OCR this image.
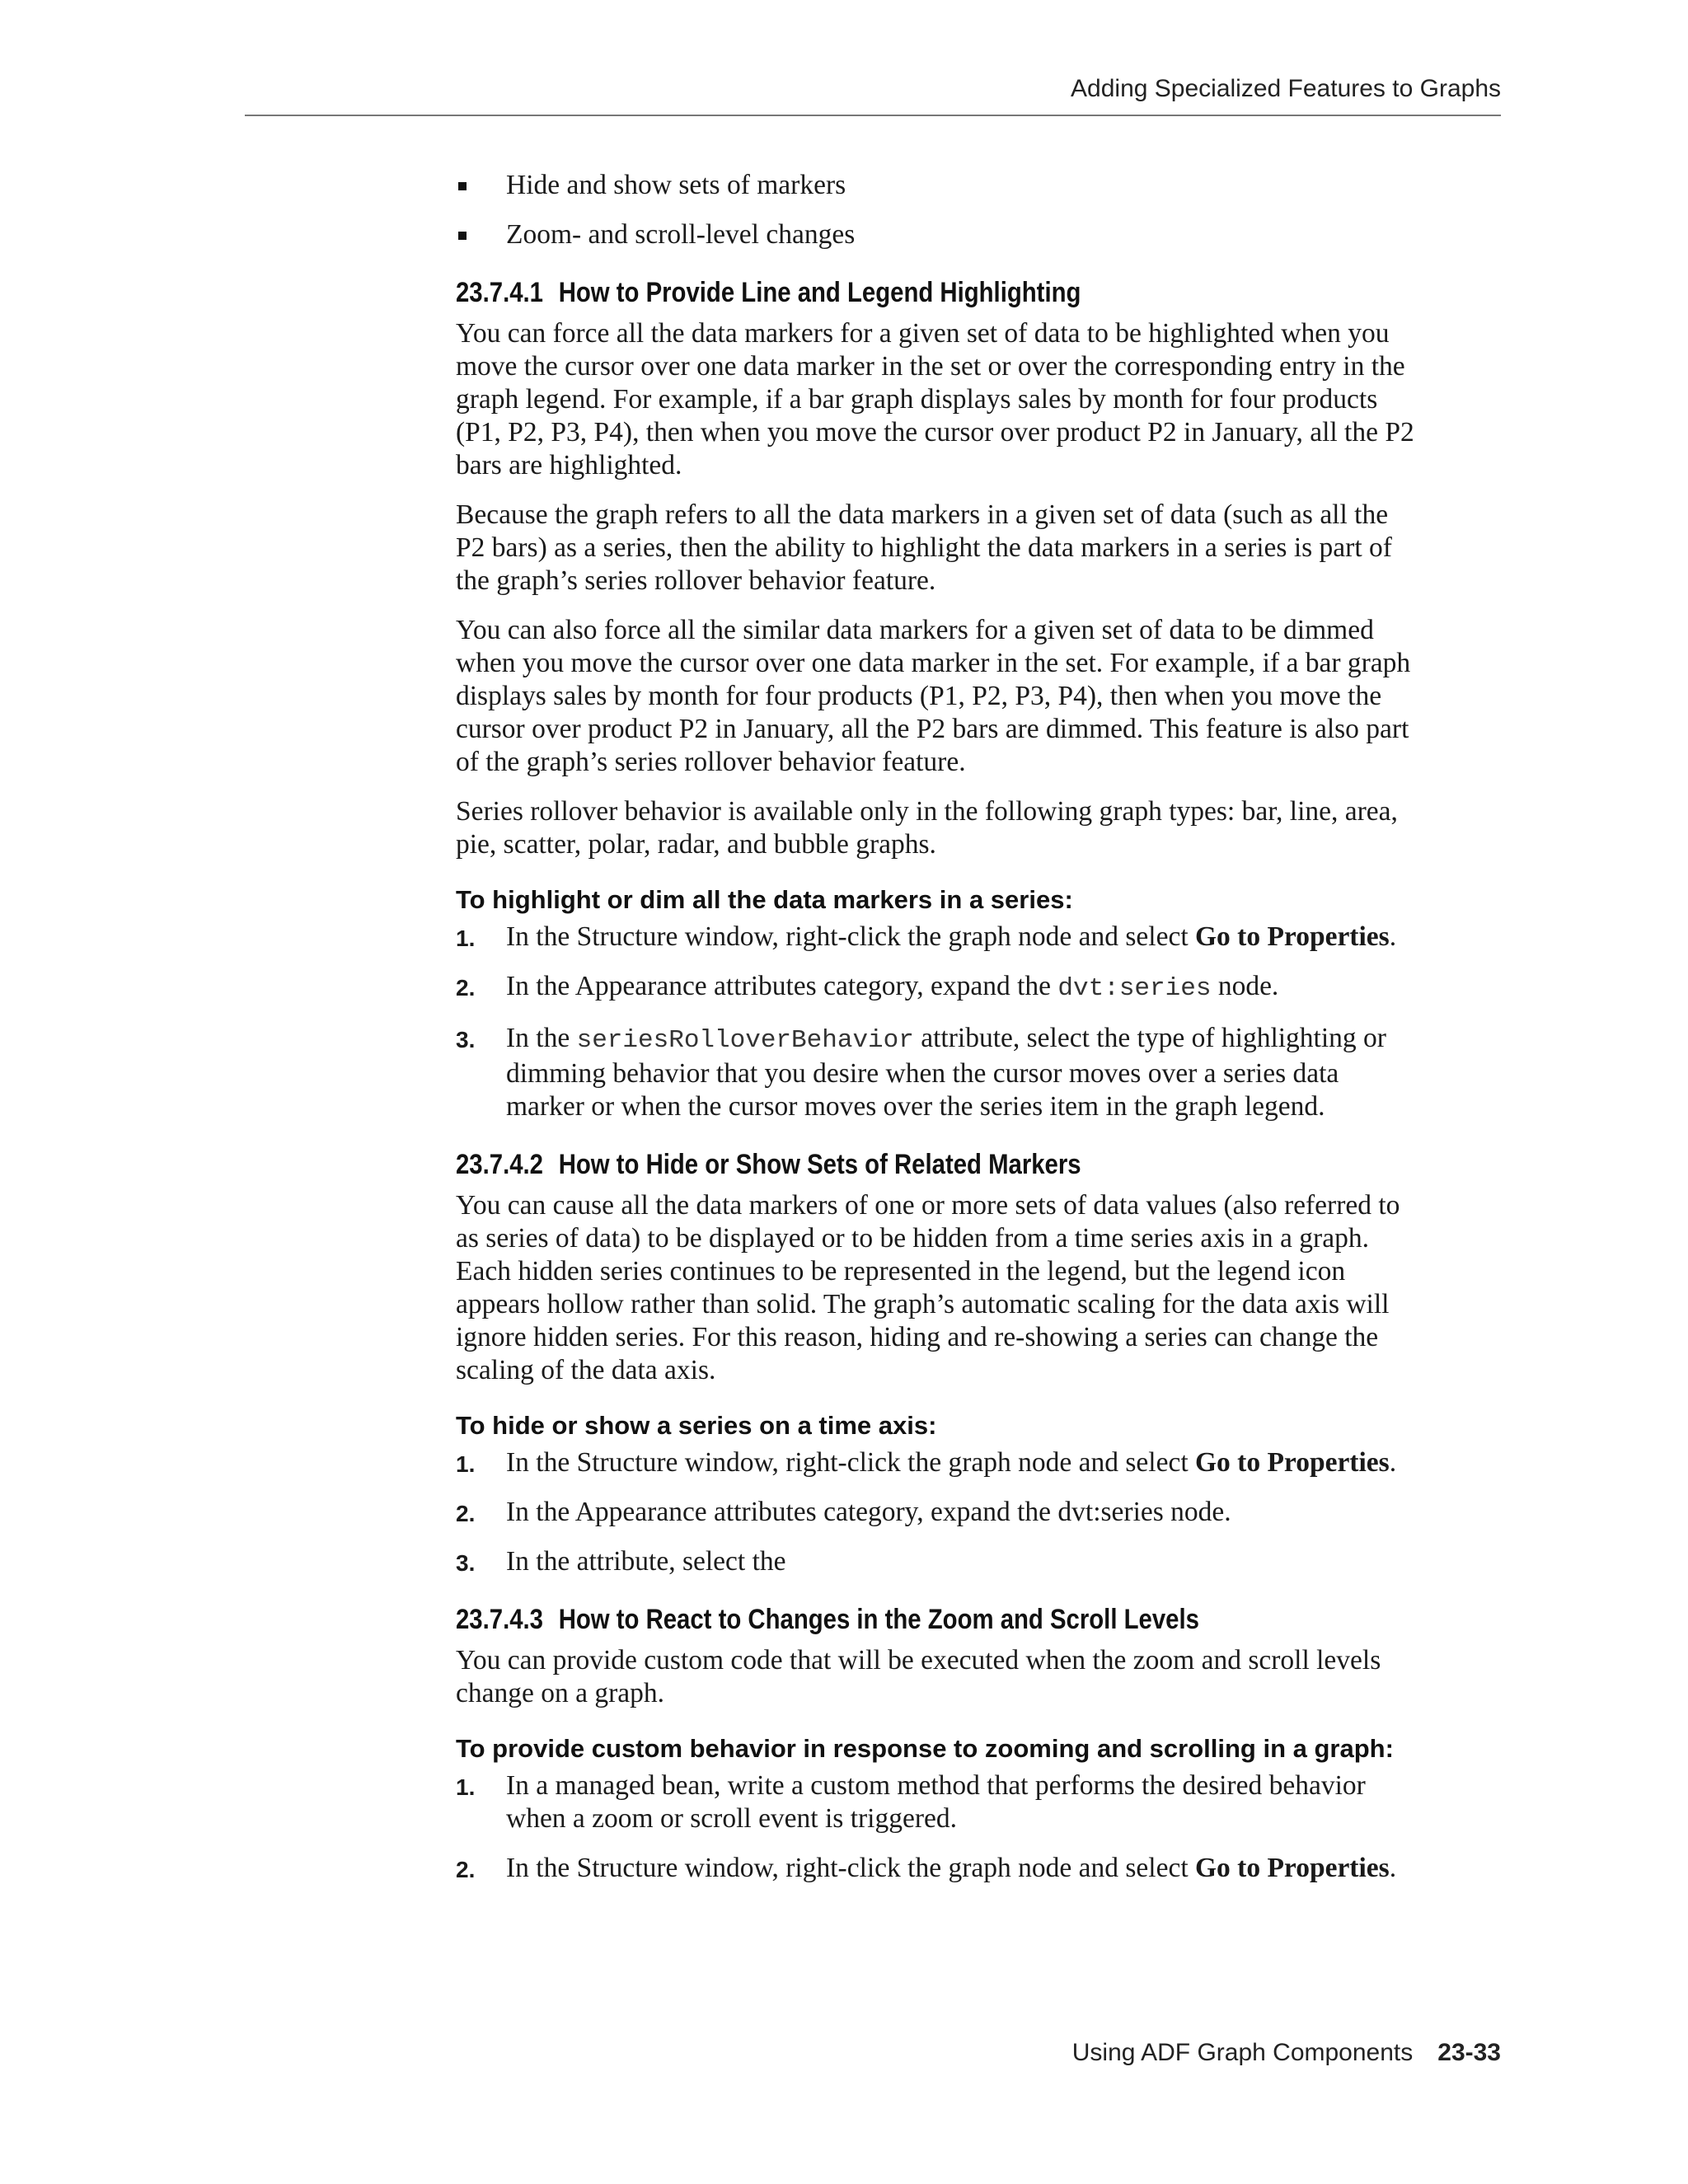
Adding Specialized Features to Graphs
Hide and show sets of markers
Zoom- and scroll-level changes
23.7.4.1 How to Provide Line and Legend Highlighting

You can force all the data markers for a given set of data to be highlighted when you
move the cursor over one data marker in the set or over the corresponding entry in the
graph legend. For example, if a bar graph displays sales by month for four products
(P1, P2, P3, P4), then when you move the cursor over product P2 in January, all the P2
bars are highlighted.

Because the graph refers to all the data markers in a given set of data (such as all the
P2 bars) as a series, then the ability to highlight the data markers in a series is part of
the graph’s series rollover behavior feature.

You can also force all the similar data markers for a given set of data to be dimmed
when you move the cursor over one data marker in the set. For example, if a bar graph
displays sales by month for four products (P1, P2, P3, P4), then when you move the
cursor over product P2 in January, all the P2 bars are dimmed. This feature is also part
of the graph’s series rollover behavior feature.

Series rollover behavior is available only in the following graph types: bar, line, area,
pie, scatter, polar, radar, and bubble graphs.

To highlight or dim all the data markers in a series:
1. In the Structure window, right-click the graph node and select Go to Properties.
2. In the Appearance attributes category, expand the dvt:series node.
3. In the seriesRolloverBehavior attribute, select the type of highlighting or
dimming behavior that you desire when the cursor moves over a series data
marker or when the cursor moves over the series item in the graph legend.
23.7.4.2 How to Hide or Show Sets of Related Markers

You can cause all the data markers of one or more sets of data values (also referred to
as series of data) to be displayed or to be hidden from a time series axis in a graph.
Each hidden series continues to be represented in the legend, but the legend icon
appears hollow rather than solid. The graph’s automatic scaling for the data axis will
ignore hidden series. For this reason, hiding and re-showing a series can change the
scaling of the data axis.

To hide or show a series on a time axis:
1. In the Structure window, right-click the graph node and select Go to Properties.
2. In the Appearance attributes category, expand the dvt:series node.
3. In the attribute, select the
23.7.4.3 How to React to Changes in the Zoom and Scroll Levels

You can provide custom code that will be executed when the zoom and scroll levels
change on a graph.

To provide custom behavior in response to zooming and scrolling in a graph:
1. In a managed bean, write a custom method that performs the desired behavior
when a zoom or scroll event is triggered.
2. In the Structure window, right-click the graph node and select Go to Properties.
Using ADF Graph Components 23-33
